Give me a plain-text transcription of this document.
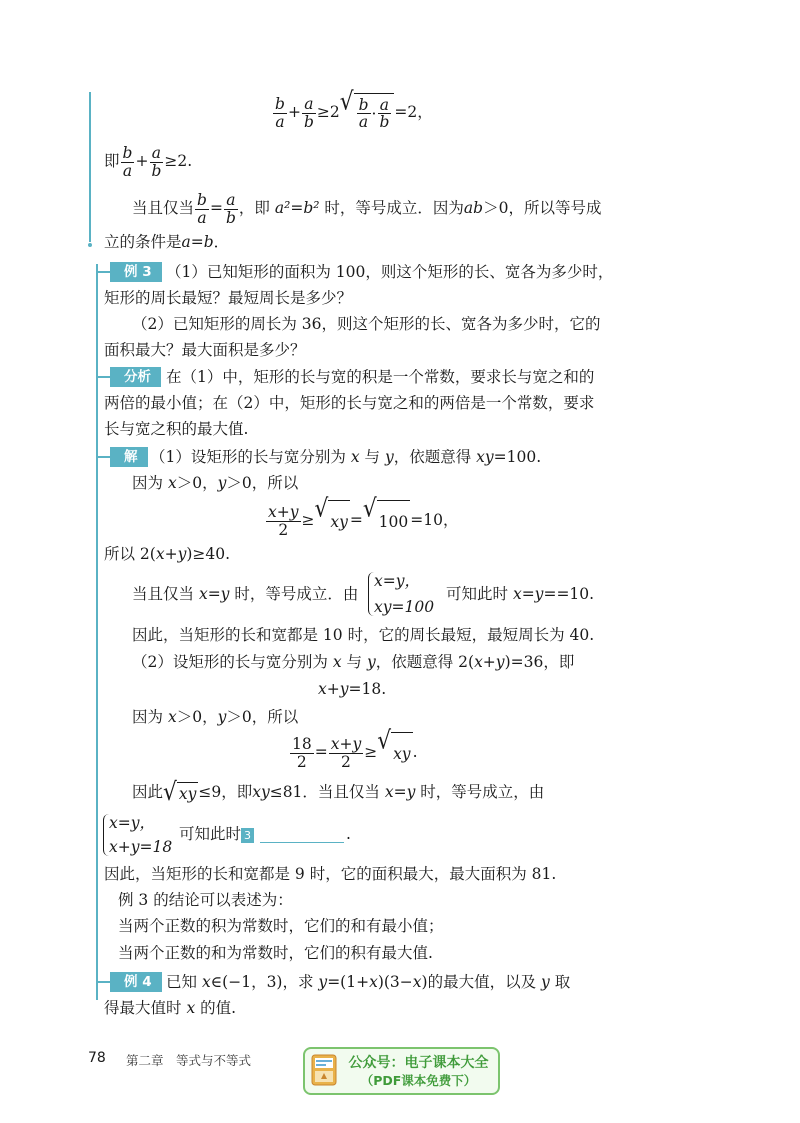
$\frac{b}{a} + \frac{a}{b} \ge 2$ √ $\frac{b}{a} \cdot \frac{a}{b} =2$，
即 $\frac{b}{a} + \frac{a}{b} \ge 2$.
当且仅当 $\frac{b}{a} = \frac{a}{b}$ ，即 a²=b² 时，等号成立．因为ab＞0，所以等号成
立的条件是a=b．
例 3 （1）已知矩形的面积为 100，则这个矩形的长、宽各为多少时，
矩形的周长最短？最短周长是多少？
（2）已知矩形的周长为 36，则这个矩形的长、宽各为多少时，它的
面积最大？最大面积是多少？
分析 在（1）中，矩形的长与宽的积是一个常数，要求长与宽之和的
两倍的最小值；在（2）中，矩形的长与宽之和的两倍是一个常数，要求
长与宽之积的最大值.
解 （1）设矩形的长与宽分别为 x 与 y，依题意得 xy=100.
因为 x＞0，y＞0，所以
$\frac{x+y}{2}$ ≥ √ xy = √ 100 =10，
所以 2(x+y)≥40.
当且仅当 x=y 时，等号成立．由
x=y，
xy=100
可知此时 x=y==10.
因此，当矩形的长和宽都是 10 时，它的周长最短，最短周长为 40.
（2）设矩形的长与宽分别为 x 与 y，依题意得 2(x+y)=36，即
x+y=18.
因为 x＞0，y＞0，所以
$\frac{18}{2} = \frac{x+y}{2}$ ≥ √ xy .
因此 √ xy ≤9，即xy≤81．当且仅当 x=y 时，等号成立，由
x=y，
x+y=18
可知此时 3	.
因此，当矩形的长和宽都是 9 时，它的面积最大，最大面积为 81.
例 3 的结论可以表述为：
当两个正数的积为常数时，它们的和有最小值；
当两个正数的和为常数时，它们的积有最大值.
例 4 已知 x∈(−1，3)，求 y=(1+x)(3−x)的最大值，以及 y 取
得最大值时 x 的值.
78 第二章　等式与不等式	公众号：电子课本大全
（PDF课本免费下）
